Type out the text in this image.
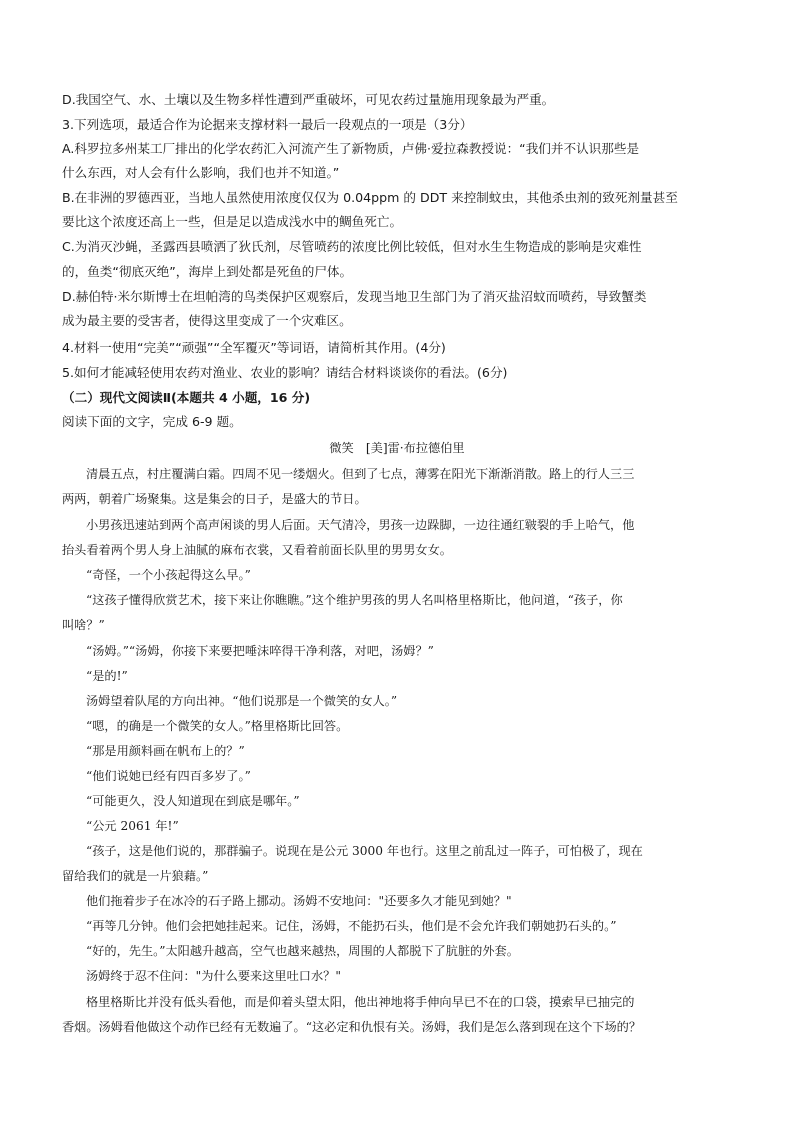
D.我国空气、水、土壤以及生物多样性遭到严重破坏，可见农药过量施用现象最为严重。
3.下列选项，最适合作为论据来支撑材料一最后一段观点的一项是（3分）
A.科罗拉多州某工厂排出的化学农药汇入河流产生了新物质，卢佛·爱拉森教授说：“我们并不认识那些是
什么东西，对人会有什么影响，我们也并不知道。”
B.在非洲的罗德西亚，当地人虽然使用浓度仅仅为 0.04ppm 的 DDT 来控制蚊虫，其他杀虫剂的致死剂量甚至
要比这个浓度还高上一些，但是足以造成浅水中的鲷鱼死亡。
C.为消灭沙蝇，圣露西县喷洒了狄氏剂，尽管喷药的浓度比例比较低，但对水生生物造成的影响是灾难性
的，鱼类“彻底灭绝”，海岸上到处都是死鱼的尸体。
D.赫伯特·米尔斯博士在坦帕湾的鸟类保护区观察后，发现当地卫生部门为了消灭盐沼蚊而喷药，导致蟹类
成为最主要的受害者，使得这里变成了一个灾难区。
4.材料一使用“完美”“顽强”“全军覆灭”等词语，请简析其作用。(4分)
5.如何才能减轻使用农药对渔业、农业的影响？请结合材料谈谈你的看法。(6分)
（二）现代文阅读Ⅱ(本题共 4 小题，16 分)
阅读下面的文字，完成 6-9 题。
微笑　[美]雷·布拉德伯里
清晨五点，村庄覆满白霜。四周不见一缕烟火。但到了七点，薄雾在阳光下渐渐消散。路上的行人三三
两两，朝着广场聚集。这是集会的日子，是盛大的节日。
小男孩迅速站到两个高声闲谈的男人后面。天气清冷，男孩一边跺脚，一边往通红皲裂的手上哈气，他
抬头看着两个男人身上油腻的麻布衣裳，又看着前面长队里的男男女女。
“奇怪，一个小孩起得这么早。”
“这孩子懂得欣赏艺术，接下来让你瞧瞧。”这个维护男孩的男人名叫格里格斯比，他问道，“孩子，你
叫啥？”
“汤姆。”“汤姆，你接下来要把唾沫啐得干净利落，对吧，汤姆？”
“是的!”
汤姆望着队尾的方向出神。“他们说那是一个微笑的女人。”
“嗯，的确是一个微笑的女人。”格里格斯比回答。
“那是用颜料画在帆布上的？”
“他们说她已经有四百多岁了。”
“可能更久，没人知道现在到底是哪年。”
“公元 2061 年!”
“孩子，这是他们说的，那群骗子。说现在是公元 3000 年也行。这里之前乱过一阵子，可怕极了，现在
留给我们的就是一片狼藉。”
他们拖着步子在冰冷的石子路上挪动。汤姆不安地问："还要多久才能见到她？"
“再等几分钟。他们会把她挂起来。记住，汤姆，不能扔石头，他们是不会允许我们朝她扔石头的。”
“好的，先生。”太阳越升越高，空气也越来越热，周围的人都脱下了肮脏的外套。
汤姆终于忍不住问："为什么要来这里吐口水？"
格里格斯比并没有低头看他，而是仰着头望太阳，他出神地将手伸向早已不在的口袋，摸索早已抽完的
香烟。汤姆看他做这个动作已经有无数遍了。“这必定和仇恨有关。汤姆，我们是怎么落到现在这个下场的？
